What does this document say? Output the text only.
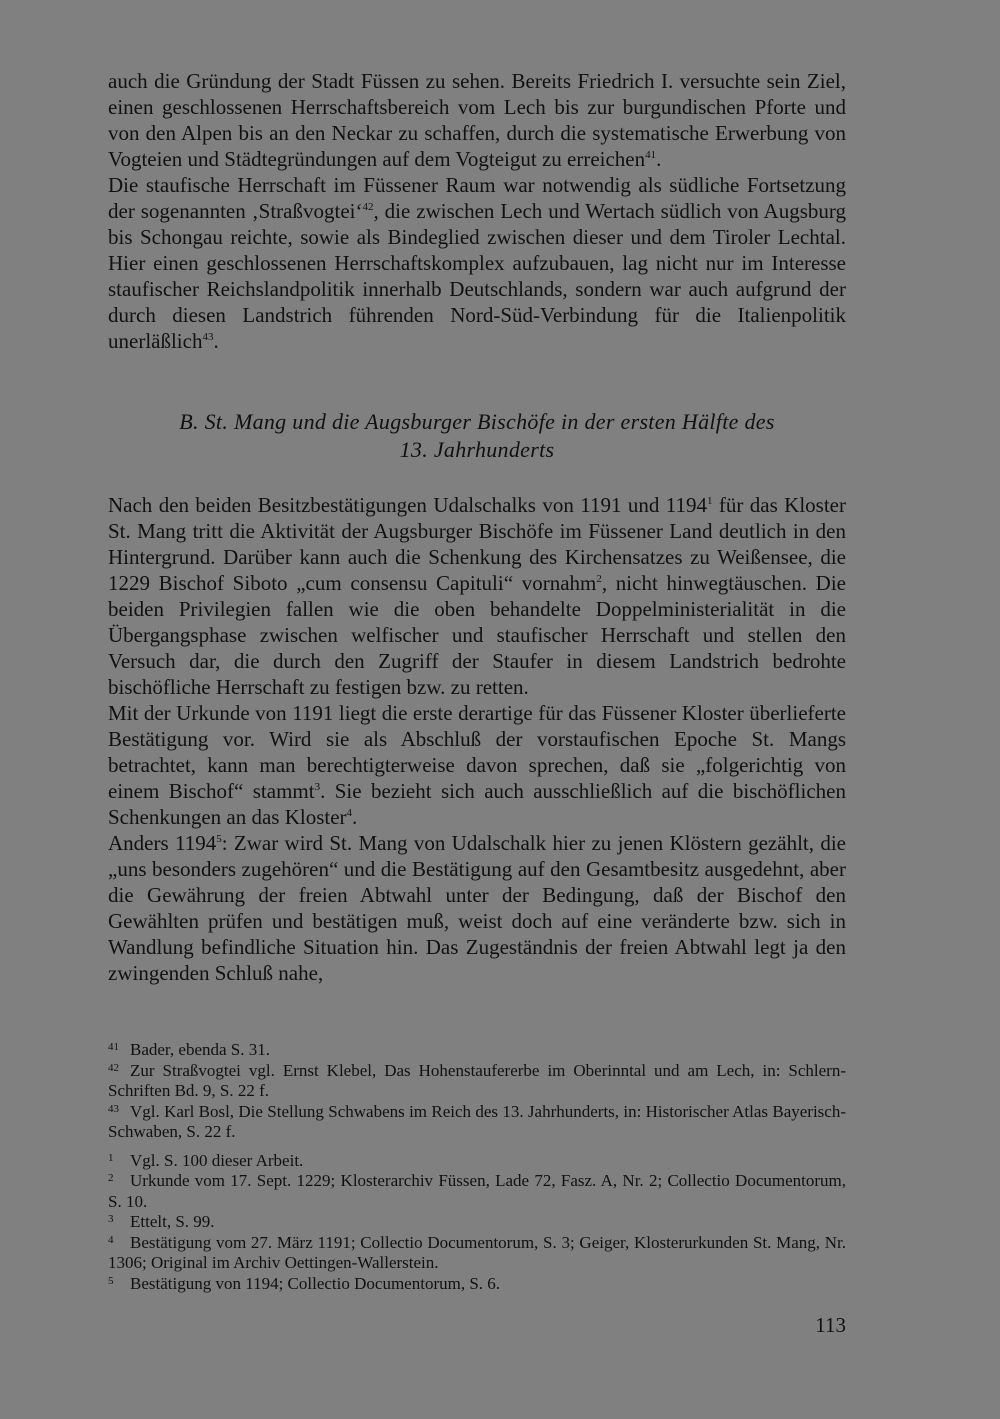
auch die Gründung der Stadt Füssen zu sehen. Bereits Friedrich I. versuchte sein Ziel, einen geschlossenen Herrschaftsbereich vom Lech bis zur burgundischen Pforte und von den Alpen bis an den Neckar zu schaffen, durch die systematische Erwerbung von Vogteien und Städtegründungen auf dem Vogteigut zu erreichen$^{41}$.

Die staufische Herrschaft im Füssener Raum war notwendig als südliche Fortsetzung der sogenannten ‚Straßvogtei‘$^{42}$, die zwischen Lech und Wertach südlich von Augsburg bis Schongau reichte, sowie als Bindeglied zwischen dieser und dem Tiroler Lechtal. Hier einen geschlossenen Herrschaftskomplex aufzubauen, lag nicht nur im Interesse staufischer Reichslandpolitik innerhalb Deutschlands, sondern war auch aufgrund der durch diesen Landstrich führenden Nord-Süd-Verbindung für die Italienpolitik unerläßlich$^{43}$.

B. St. Mang und die Augsburger Bischöfe in der ersten Hälfte des
13. Jahrhunderts

Nach den beiden Besitzbestätigungen Udalschalks von 1191 und 1194$^1$ für das Kloster St. Mang tritt die Aktivität der Augsburger Bischöfe im Füssener Land deutlich in den Hintergrund. Darüber kann auch die Schenkung des Kirchensatzes zu Weißensee, die 1229 Bischof Siboto „cum consensu Capituli“ vornahm$^2$, nicht hinwegtäuschen. Die beiden Privilegien fallen wie die oben behandelte Doppelministerialität in die Übergangsphase zwischen welfischer und staufischer Herrschaft und stellen den Versuch dar, die durch den Zugriff der Staufer in diesem Landstrich bedrohte bischöfliche Herrschaft zu festigen bzw. zu retten.

Mit der Urkunde von 1191 liegt die erste derartige für das Füssener Kloster überlieferte Bestätigung vor. Wird sie als Abschluß der vorstaufischen Epoche St. Mangs betrachtet, kann man berechtigterweise davon sprechen, daß sie „folgerichtig von einem Bischof“ stammt$^3$. Sie bezieht sich auch ausschließlich auf die bischöflichen Schenkungen an das Kloster$^4$.

Anders 1194$^5$: Zwar wird St. Mang von Udalschalk hier zu jenen Klöstern gezählt, die „uns besonders zugehören“ und die Bestätigung auf den Gesamtbesitz ausgedehnt, aber die Gewährung der freien Abtwahl unter der Bedingung, daß der Bischof den Gewählten prüfen und bestätigen muß, weist doch auf eine veränderte bzw. sich in Wandlung befindliche Situation hin. Das Zugeständnis der freien Abtwahl legt ja den zwingenden Schluß nahe,

41 Bader, ebenda S. 31.

42 Zur Straßvogtei vgl. Ernst Klebel, Das Hohenstaufererbe im Oberinntal und am Lech, in: Schlern-Schriften Bd. 9, S. 22 f.

43 Vgl. Karl Bosl, Die Stellung Schwabens im Reich des 13. Jahrhunderts, in: Historischer Atlas Bayerisch-Schwaben, S. 22 f.

1 Vgl. S. 100 dieser Arbeit.

2 Urkunde vom 17. Sept. 1229; Klosterarchiv Füssen, Lade 72, Fasz. A, Nr. 2; Collectio Documentorum, S. 10.

3 Ettelt, S. 99.

4 Bestätigung vom 27. März 1191; Collectio Documentorum, S. 3; Geiger, Klosterurkunden St. Mang, Nr. 1306; Original im Archiv Oettingen-Wallerstein.

5 Bestätigung von 1194; Collectio Documentorum, S. 6.

113
